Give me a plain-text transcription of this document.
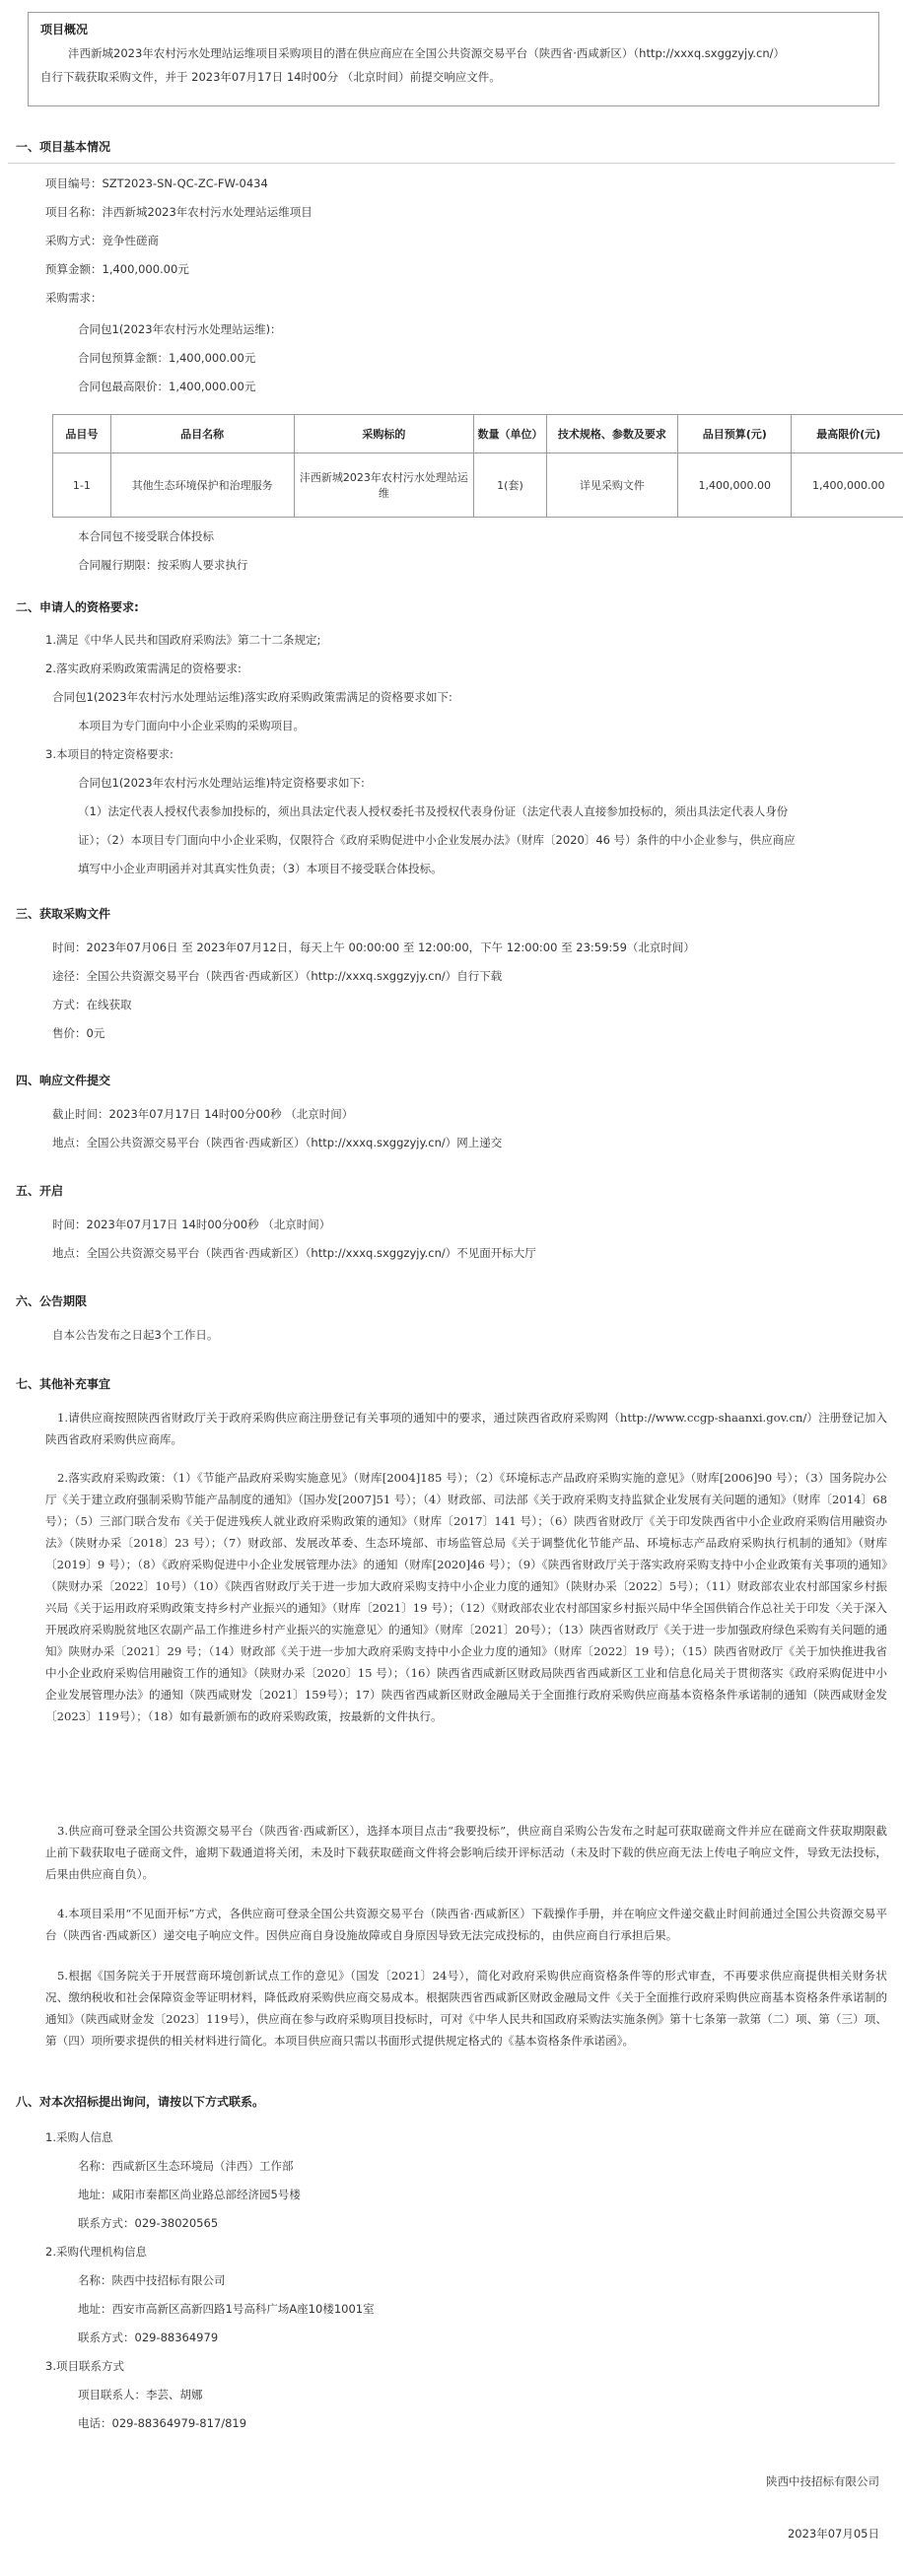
项目概况
沣西新城2023年农村污水处理站运维项目采购项目的潜在供应商应在全国公共资源交易平台（陕西省·西咸新区）（http://xxxq.sxggzyjy.cn/）
自行下载获取采购文件，并于 2023年07月17日 14时00分 （北京时间）前提交响应文件。
一、项目基本情况
项目编号：SZT2023-SN-QC-ZC-FW-0434
项目名称：沣西新城2023年农村污水处理站运维项目
采购方式：竞争性磋商
预算金额：1,400,000.00元
采购需求：
合同包1(2023年农村污水处理站运维)：
合同包预算金额：1,400,000.00元
合同包最高限价：1,400,000.00元
品目号	品目名称	采购标的	数量（单位）	技术规格、参数及要求	品目预算(元)	最高限价(元)
1-1	其他生态环境保护和治理服务	沣西新城2023年农村污水处理站运维	1(套)	详见采购文件	1,400,000.00	1,400,000.00
本合同包不接受联合体投标
合同履行期限：按采购人要求执行
二、申请人的资格要求:
1.满足《中华人民共和国政府采购法》第二十二条规定;
2.落实政府采购政策需满足的资格要求:
合同包1(2023年农村污水处理站运维)落实政府采购政策需满足的资格要求如下:
本项目为专门面向中小企业采购的采购项目。
3.本项目的特定资格要求:
合同包1(2023年农村污水处理站运维)特定资格要求如下:
（1）法定代表人授权代表参加投标的，须出具法定代表人授权委托书及授权代表身份证（法定代表人直接参加投标的，须出具法定代表人身份
证）；（2）本项目专门面向中小企业采购，仅限符合《政府采购促进中小企业发展办法》（财库〔2020〕46 号）条件的中小企业参与，供应商应
填写中小企业声明函并对其真实性负责；（3）本项目不接受联合体投标。
三、获取采购文件
时间：2023年07月06日 至 2023年07月12日，每天上午 00:00:00 至 12:00:00，下午 12:00:00 至 23:59:59（北京时间）
途径：全国公共资源交易平台（陕西省·西咸新区）（http://xxxq.sxggzyjy.cn/）自行下载
方式：在线获取
售价：0元
四、响应文件提交
截止时间：2023年07月17日 14时00分00秒 （北京时间）
地点：全国公共资源交易平台（陕西省·西咸新区）（http://xxxq.sxggzyjy.cn/）网上递交
五、开启
时间：2023年07月17日 14时00分00秒 （北京时间）
地点：全国公共资源交易平台（陕西省·西咸新区）（http://xxxq.sxggzyjy.cn/）不见面开标大厅
六、公告期限
自本公告发布之日起3个工作日。
七、其他补充事宜
1.请供应商按照陕西省财政厅关于政府采购供应商注册登记有关事项的通知中的要求，通过陕西省政府采购网（http://www.ccgp-shaanxi.gov.cn/）注册登记加入陕西省政府采购供应商库。
2.落实政府采购政策：（1）《节能产品政府采购实施意见》（财库[2004]185 号）；（2）《环境标志产品政府采购实施的意见》（财库[2006]90 号）；（3）国务院办公厅《关于建立政府强制采购节能产品制度的通知》（国办发[2007]51 号）；（4）财政部、司法部《关于政府采购支持监狱企业发展有关问题的通知》（财库〔2014〕68 号）；（5）三部门联合发布《关于促进残疾人就业政府采购政策的通知》（财库〔2017〕141 号）；（6）陕西省财政厅《关于印发陕西省中小企业政府采购信用融资办法》（陕财办采〔2018〕23 号）；（7）财政部、发展改革委、生态环境部、市场监管总局《关于调整优化节能产品、环境标志产品政府采购执行机制的通知》（财库〔2019〕9 号）；（8）《政府采购促进中小企业发展管理办法》的通知（财库[2020]46 号）；（9）《陕西省财政厅关于落实政府采购支持中小企业政策有关事项的通知》（陕财办采〔2022〕10号）（10）《陕西省财政厅关于进一步加大政府采购支持中小企业力度的通知》（陕财办采〔2022〕5号）；（11）财政部农业农村部国家乡村振兴局《关于运用政府采购政策支持乡村产业振兴的通知》（财库〔2021〕19 号）；（12）《财政部农业农村部国家乡村振兴局中华全国供销合作总社关于印发〈关于深入开展政府采购脱贫地区农副产品工作推进乡村产业振兴的实施意见〉的通知》（财库〔2021〕20号）；（13）陕西省财政厅《关于进一步加强政府绿色采购有关问题的通知》陕财办采〔2021〕29 号；（14）财政部《关于进一步加大政府采购支持中小企业力度的通知》（财库〔2022〕19 号）；（15）陕西省财政厅《关于加快推进我省中小企业政府采购信用融资工作的通知》（陕财办采〔2020〕15 号）；（16）陕西省西咸新区财政局陕西省西咸新区工业和信息化局关于贯彻落实《政府采购促进中小企业发展管理办法》的通知（陕西咸财发〔2021〕159号）；17）陕西省西咸新区财政金融局关于全面推行政府采购供应商基本资格条件承诺制的通知（陕西咸财金发〔2023〕119号）；（18）如有最新颁布的政府采购政策，按最新的文件执行。
3.供应商可登录全国公共资源交易平台（陕西省·西咸新区），选择本项目点击“我要投标”，供应商自采购公告发布之时起可获取磋商文件并应在磋商文件获取期限截止前下载获取电子磋商文件，逾期下载通道将关闭，未及时下载获取磋商文件将会影响后续开评标活动（未及时下载的供应商无法上传电子响应文件，导致无法投标，后果由供应商自负）。
4.本项目采用“不见面开标”方式，各供应商可登录全国公共资源交易平台（陕西省·西咸新区）下载操作手册，并在响应文件递交截止时间前通过全国公共资源交易平台（陕西省·西咸新区）递交电子响应文件。因供应商自身设施故障或自身原因导致无法完成投标的，由供应商自行承担后果。
5.根据《国务院关于开展营商环境创新试点工作的意见》（国发〔2021〕24号），简化对政府采购供应商资格条件等的形式审查，不再要求供应商提供相关财务状况、缴纳税收和社会保障资金等证明材料，降低政府采购供应商交易成本。根据陕西省西咸新区财政金融局文件《关于全面推行政府采购供应商基本资格条件承诺制的通知》（陕西咸财金发〔2023〕119号），供应商在参与政府采购项目投标时，可对《中华人民共和国政府采购法实施条例》第十七条第一款第（二）项、第（三）项、第（四）项所要求提供的相关材料进行简化。本项目供应商只需以书面形式提供规定格式的《基本资格条件承诺函》。
八、对本次招标提出询问，请按以下方式联系。
1.采购人信息
名称：西咸新区生态环境局（沣西）工作部
地址：咸阳市秦都区尚业路总部经济园5号楼
联系方式：029-38020565
2.采购代理机构信息
名称：陕西中技招标有限公司
地址：西安市高新区高新四路1号高科广场A座10楼1001室
联系方式：029-88364979
3.项目联系方式
项目联系人：李芸、胡娜
电话：029-88364979-817/819
陕西中技招标有限公司
2023年07月05日
